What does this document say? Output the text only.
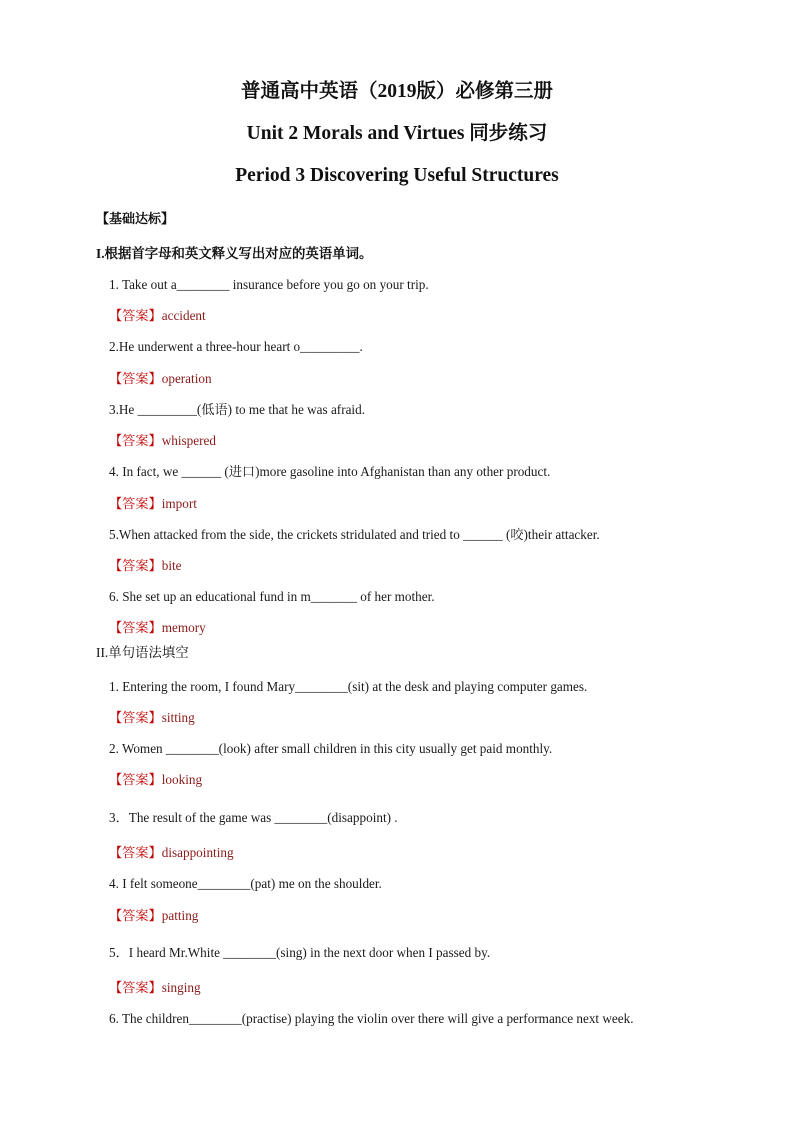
普通高中英语（2019版）必修第三册
Unit 2 Morals and Virtues 同步练习
Period 3 Discovering Useful Structures
【基础达标】
I.根据首字母和英文释义写出对应的英语单词。
1. Take out a________ insurance before you go on your trip.
【答案】accident
2.He underwent a three-hour heart o_________.
【答案】operation
3.He _________(低语) to me that he was afraid.
【答案】whispered
4. In fact, we ______ (进口)more gasoline into Afghanistan than any other product.
【答案】import
5.When attacked from the side, the crickets stridulated and tried to ______ (咬)their attacker.
【答案】bite
6. She set up an educational fund in m_______ of her mother.
【答案】memory
II.单句语法填空
1. Entering the room, I found Mary________(sit) at the desk and playing computer games.
【答案】sitting
2. Women ________(look) after small children in this city usually get paid monthly.
【答案】looking
3．The result of the game was ________(disappoint) .
【答案】disappointing
4. I felt someone________(pat) me on the shoulder.
【答案】patting
5．I heard Mr.White ________(sing) in the next door when I passed by.
【答案】singing
6. The children________(practise) playing the violin over there will give a performance next week.
